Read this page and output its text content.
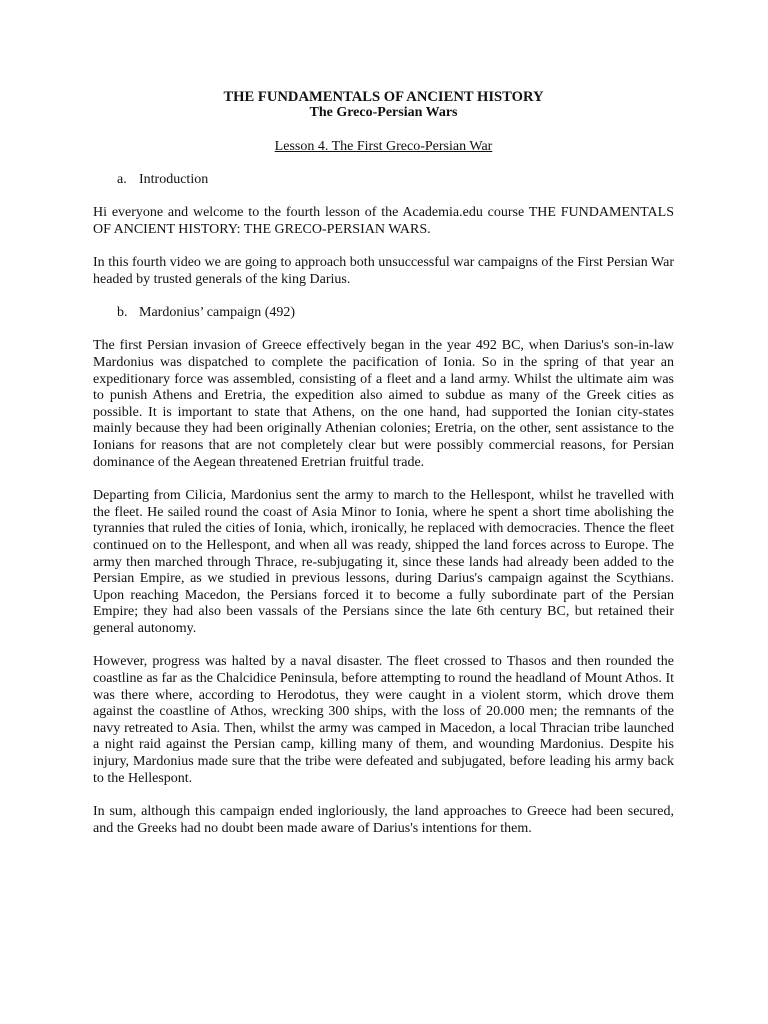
THE FUNDAMENTALS OF ANCIENT HISTORY
The Greco-Persian Wars
Lesson 4. The First Greco-Persian War
a. Introduction

Hi everyone and welcome to the fourth lesson of the Academia.edu course THE FUNDAMENTALS OF ANCIENT HISTORY: THE GRECO-PERSIAN WARS.

In this fourth video we are going to approach both unsuccessful war campaigns of the First Persian War headed by trusted generals of the king Darius.

b. Mardonius’ campaign (492)

The first Persian invasion of Greece effectively began in the year 492 BC, when Darius's son-in-law Mardonius was dispatched to complete the pacification of Ionia. So in the spring of that year an expeditionary force was assembled, consisting of a fleet and a land army. Whilst the ultimate aim was to punish Athens and Eretria, the expedition also aimed to subdue as many of the Greek cities as possible. It is important to state that Athens, on the one hand, had supported the Ionian city-states mainly because they had been originally Athenian colonies; Eretria, on the other, sent assistance to the Ionians for reasons that are not completely clear but were possibly commercial reasons, for Persian dominance of the Aegean threatened Eretrian fruitful trade.

Departing from Cilicia, Mardonius sent the army to march to the Hellespont, whilst he travelled with the fleet. He sailed round the coast of Asia Minor to Ionia, where he spent a short time abolishing the tyrannies that ruled the cities of Ionia, which, ironically, he replaced with democracies. Thence the fleet continued on to the Hellespont, and when all was ready, shipped the land forces across to Europe. The army then marched through Thrace, re-subjugating it, since these lands had already been added to the Persian Empire, as we studied in previous lessons, during Darius's campaign against the Scythians. Upon reaching Macedon, the Persians forced it to become a fully subordinate part of the Persian Empire; they had also been vassals of the Persians since the late 6th century BC, but retained their general autonomy.

However, progress was halted by a naval disaster. The fleet crossed to Thasos and then rounded the coastline as far as the Chalcidice Peninsula, before attempting to round the headland of Mount Athos. It was there where, according to Herodotus, they were caught in a violent storm, which drove them against the coastline of Athos, wrecking 300 ships, with the loss of 20.000 men; the remnants of the navy retreated to Asia. Then, whilst the army was camped in Macedon, a local Thracian tribe launched a night raid against the Persian camp, killing many of them, and wounding Mardonius. Despite his injury, Mardonius made sure that the tribe were defeated and subjugated, before leading his army back to the Hellespont.

In sum, although this campaign ended ingloriously, the land approaches to Greece had been secured, and the Greeks had no doubt been made aware of Darius's intentions for them.
